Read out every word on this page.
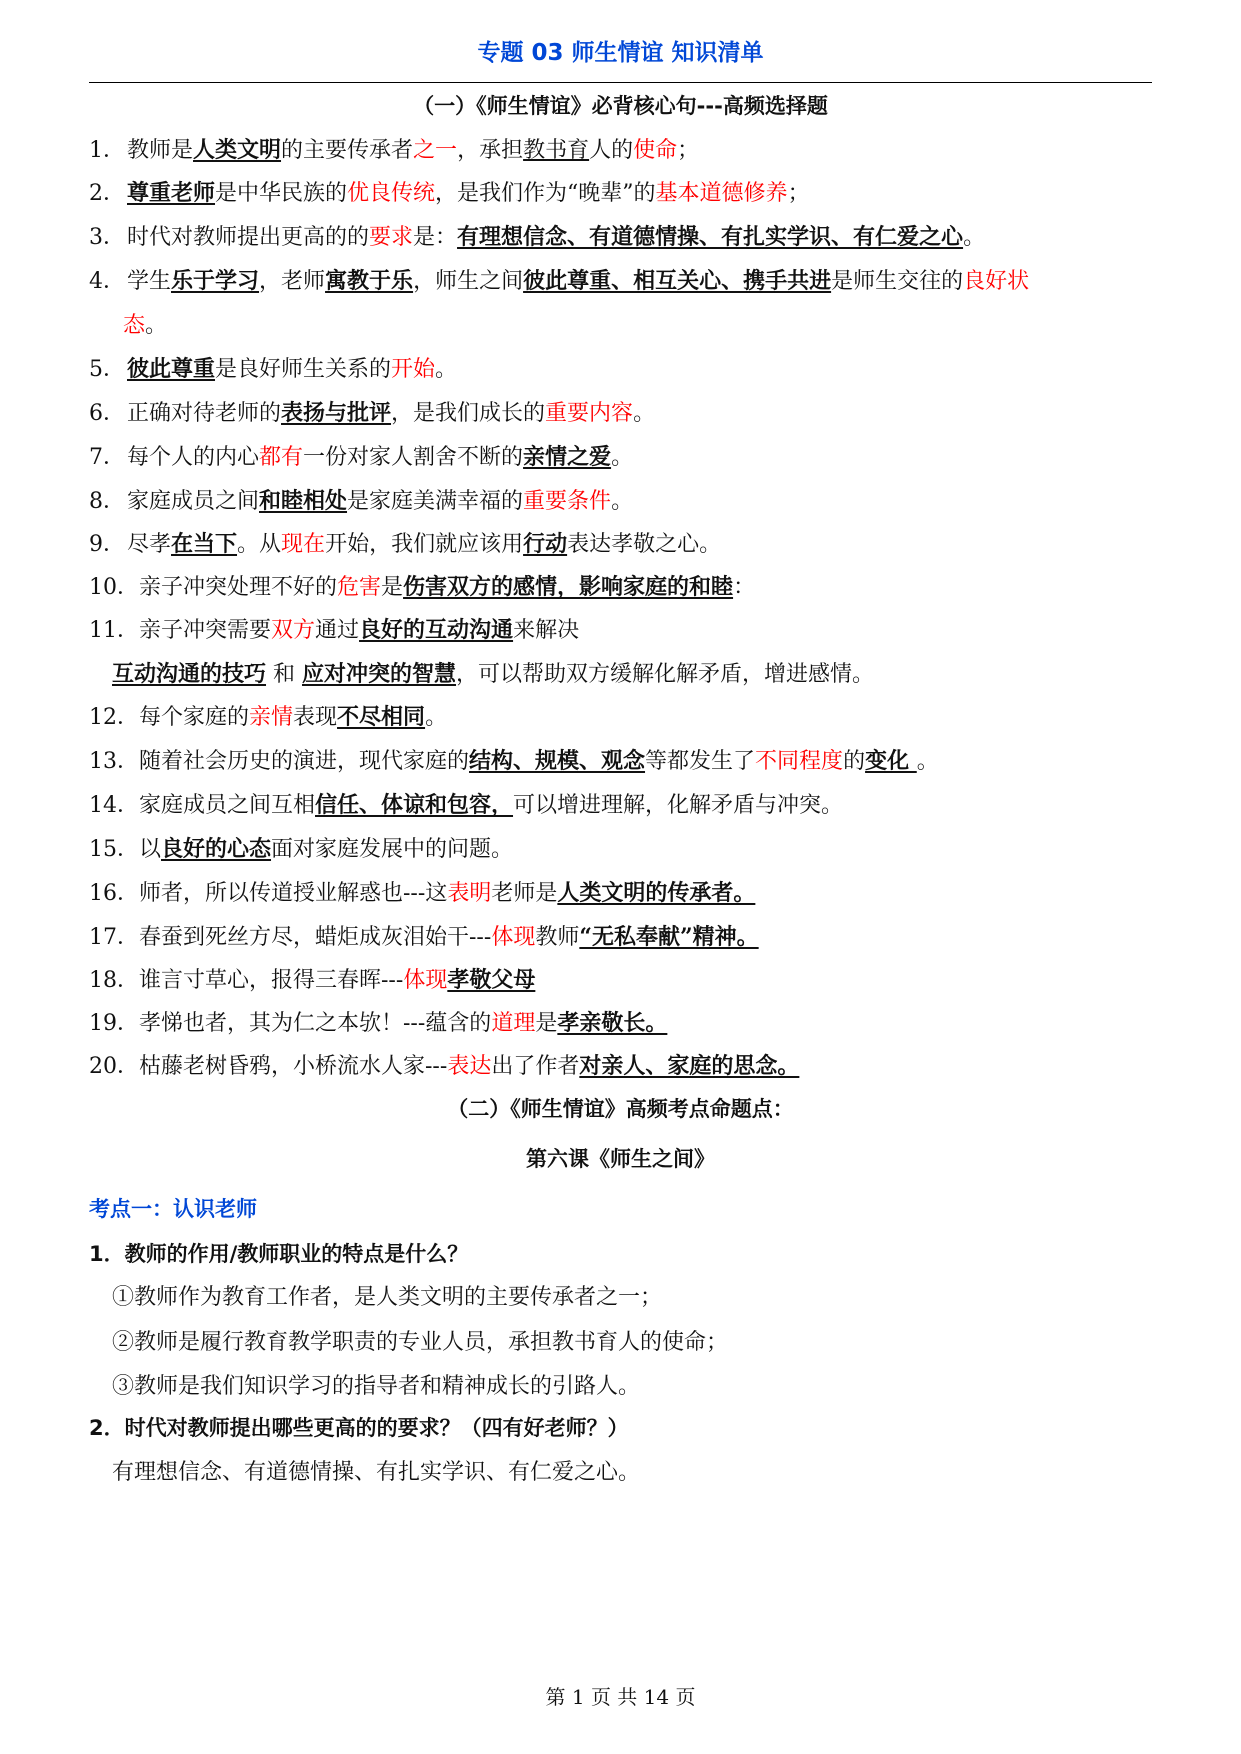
专题 03 师生情谊 知识清单
（一）《师生情谊》必背核心句---高频选择题
1．教师是人类文明的主要传承者之一，承担教书育人的使命；
2．尊重老师是中华民族的优良传统，是我们作为“晚辈”的基本道德修养；
3．时代对教师提出更高的的要求是：有理想信念、有道德情操、有扎实学识、有仁爱之心。
4．学生乐于学习，老师寓教于乐，师生之间彼此尊重、相互关心、携手共进是师生交往的良好状
态。
5．彼此尊重是良好师生关系的开始。
6．正确对待老师的表扬与批评，是我们成长的重要内容。
7．每个人的内心都有一份对家人割舍不断的亲情之爱。
8．家庭成员之间和睦相处是家庭美满幸福的重要条件。
9．尽孝在当下。从现在开始，我们就应该用行动表达孝敬之心。
10．亲子冲突处理不好的危害是伤害双方的感情，影响家庭的和睦：
11．亲子冲突需要双方通过良好的互动沟通来解决
互动沟通的技巧 和 应对冲突的智慧，可以帮助双方缓解化解矛盾，增进感情。
12．每个家庭的亲情表现不尽相同。
13．随着社会历史的演进，现代家庭的结构、规模、观念等都发生了不同程度的变化 。
14．家庭成员之间互相信任、体谅和包容，可以增进理解，化解矛盾与冲突。
15．以良好的心态面对家庭发展中的问题。
16．师者，所以传道授业解惑也---这表明老师是人类文明的传承者。
17．春蚕到死丝方尽，蜡炬成灰泪始干---体现教师“无私奉献”精神。
18．谁言寸草心，报得三春晖---体现孝敬父母
19．孝悌也者，其为仁之本欤！---蕴含的道理是孝亲敬长。
20．枯藤老树昏鸦，小桥流水人家---表达出了作者对亲人、家庭的思念。
（二）《师生情谊》高频考点命题点：
第六课《师生之间》
考点一：认识老师
1．教师的作用/教师职业的特点是什么？
①教师作为教育工作者，是人类文明的主要传承者之一；
②教师是履行教育教学职责的专业人员，承担教书育人的使命；
③教师是我们知识学习的指导者和精神成长的引路人。
2．时代对教师提出哪些更高的的要求？（四有好老师？）
有理想信念、有道德情操、有扎实学识、有仁爱之心。
第 1 页 共 14 页
